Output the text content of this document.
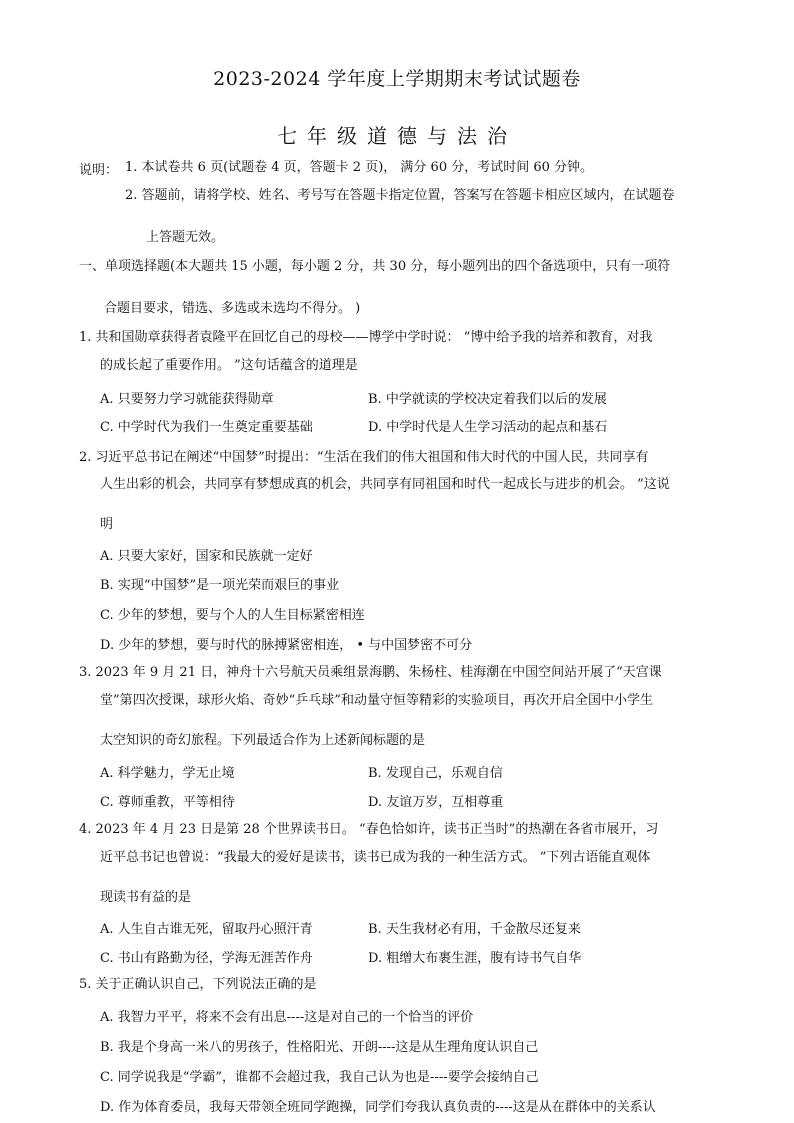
2023-2024 学年度上学期期末考试试题卷
七年级道德与法治
说明： 1. 本试卷共 6 页(试题卷 4 页，答题卡 2 页)， 满分 60 分，考试时间 60 分钟。
2. 答题前，请将学校、姓名、考号写在答题卡指定位置，答案写在答题卡相应区域内，在试题卷
上答题无效。
一、单项选择题(本大题共 15 小题，每小题 2 分，共 30 分，每小题列出的四个备选项中，只有一项符
合题目要求，错选、多选或未选均不得分。 )
1. 共和国勋章获得者袁隆平在回忆自己的母校——博学中学时说： “博中给予我的培养和教育，对我
的成长起了重要作用。 ”这句话蕴含的道理是
A. 只要努力学习就能获得勋章	B. 中学就读的学校决定着我们以后的发展
C. 中学时代为我们一生奠定重要基础	D. 中学时代是人生学习活动的起点和基石
2. 习近平总书记在阐述“中国梦”时提出：“生活在我们的伟大祖国和伟大时代的中国人民，共同享有
人生出彩的机会，共同享有梦想成真的机会，共同享有同祖国和时代一起成长与进步的机会。 ”这说
明
A. 只要大家好，国家和民族就一定好
B. 实现“中国梦”是一项光荣而艰巨的事业
C. 少年的梦想，要与个人的人生目标紧密相连
D. 少年的梦想，要与时代的脉搏紧密相连， • 与中国梦密不可分
3. 2023 年 9 月 21 日，神舟十六号航天员乘组景海鹏、朱杨柱、桂海潮在中国空间站开展了“天宫课
堂”第四次授课，球形火焰、奇妙“乒乓球”和动量守恒等精彩的实验项目，再次开启全国中小学生
太空知识的奇幻旅程。下列最适合作为上述新闻标题的是
A. 科学魅力，学无止境	B. 发现自己，乐观自信
C. 尊师重教，平等相待	D. 友谊万岁，互相尊重
4. 2023 年 4 月 23 日是第 28 个世界读书日。 “春色恰如许，读书正当时”的热潮在各省市展开，习
近平总书记也曾说：“我最大的爱好是读书，读书已成为我的一种生活方式。 ”下列古语能直观体
现读书有益的是
A. 人生自古谁无死，留取丹心照汗青	B. 天生我材必有用，千金散尽还复来
C. 书山有路勤为径，学海无涯苦作舟	D. 粗缯大布裹生涯，腹有诗书气自华
5. 关于正确认识自己，下列说法正确的是
A. 我智力平平，将来不会有出息----这是对自己的一个恰当的评价
B. 我是个身高一米八的男孩子，性格阳光、开朗----这是从生理角度认识自己
C. 同学说我是“学霸”，谁都不会超过我，我自己认为也是----要学会接纳自己
D. 作为体育委员，我每天带领全班同学跑操，同学们夸我认真负责的----这是从在群体中的关系认
